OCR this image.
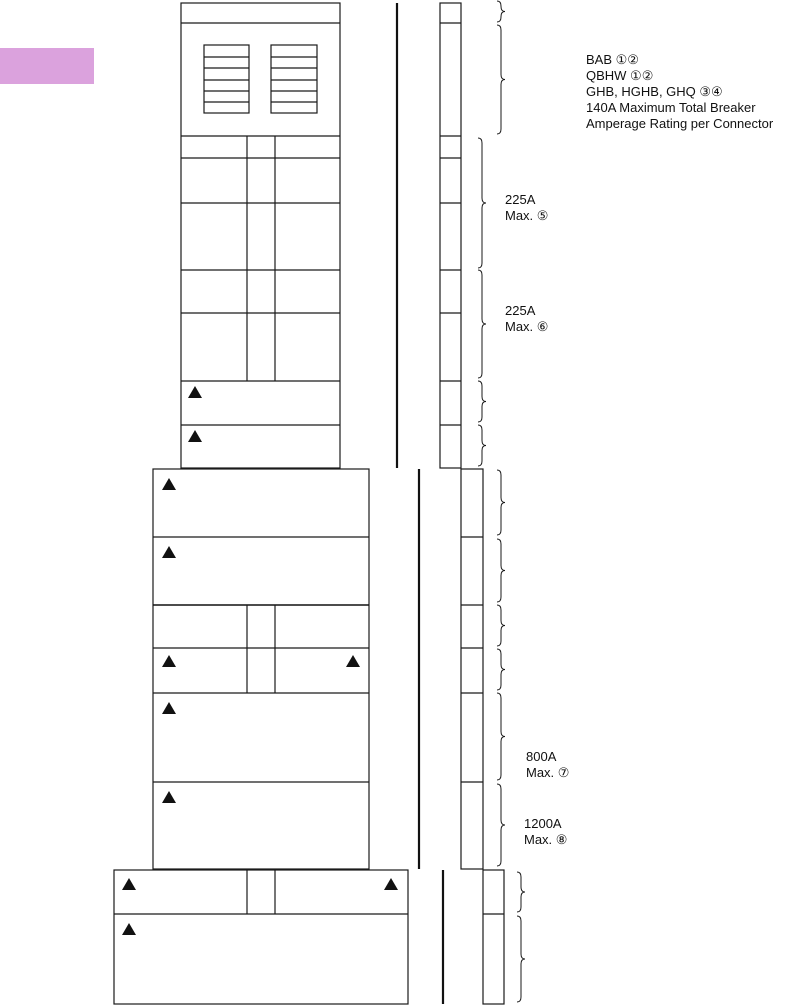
BAB ①② QBHW ①② GHB, HGHB, GHQ ③④ 140A Maximum Total Breaker Amperage Rating per Connector
225A Max. ⑤
225A Max. ⑥
800A Max. ⑦
1200A Max. ⑧
